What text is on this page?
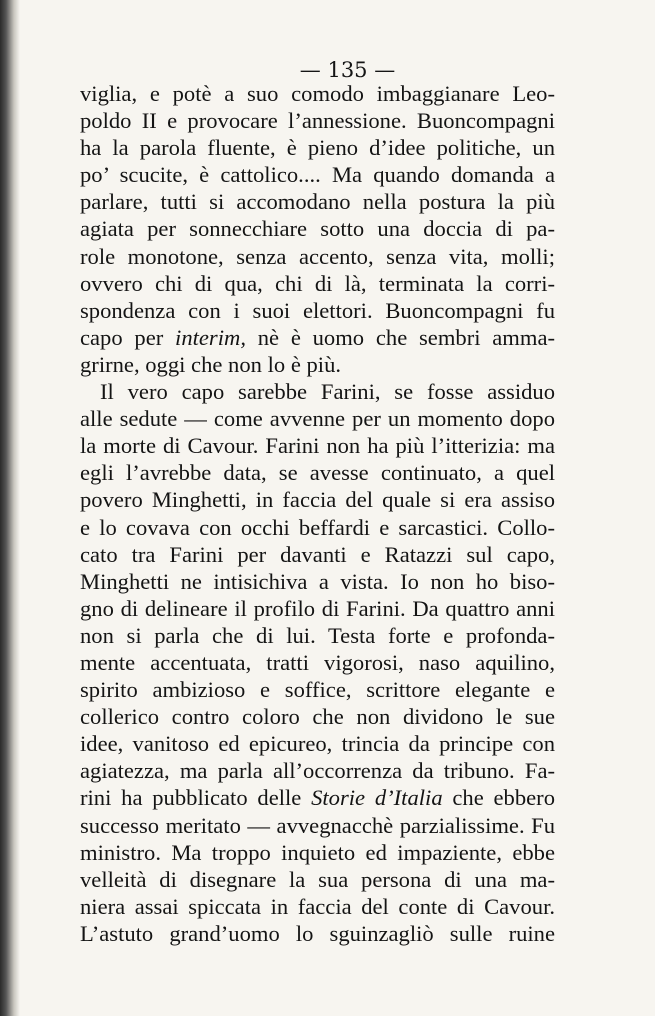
— 135 —
viglia, e potè a suo comodo imbaggianare Leo-
poldo II e provocare l’annessione. Buoncompagni
ha la parola fluente, è pieno d’idee politiche, un
po’ scucite, è cattolico.... Ma quando domanda a
parlare, tutti si accomodano nella postura la più
agiata per sonnecchiare sotto una doccia di pa-
role monotone, senza accento, senza vita, molli;
ovvero chi di qua, chi di là, terminata la corri-
spondenza con i suoi elettori. Buoncompagni fu
capo per interim, nè è uomo che sembri amma-
grirne, oggi che non lo è più.
Il vero capo sarebbe Farini, se fosse assiduo
alle sedute — come avvenne per un momento dopo
la morte di Cavour. Farini non ha più l’itterizia: ma
egli l’avrebbe data, se avesse continuato, a quel
povero Minghetti, in faccia del quale si era assiso
e lo covava con occhi beffardi e sarcastici. Collo-
cato tra Farini per davanti e Ratazzi sul capo,
Minghetti ne intisichiva a vista. Io non ho biso-
gno di delineare il profilo di Farini. Da quattro anni
non si parla che di lui. Testa forte e profonda-
mente accentuata, tratti vigorosi, naso aquilino,
spirito ambizioso e soffice, scrittore elegante e
collerico contro coloro che non dividono le sue
idee, vanitoso ed epicureo, trincia da principe con
agiatezza, ma parla all’occorrenza da tribuno. Fa-
rini ha pubblicato delle Storie d’Italia che ebbero
successo meritato — avvegnacchè parzialissime. Fu
ministro. Ma troppo inquieto ed impaziente, ebbe
velleità di disegnare la sua persona di una ma-
niera assai spiccata in faccia del conte di Cavour.
L’astuto grand’uomo lo sguinzagliò sulle ruine
